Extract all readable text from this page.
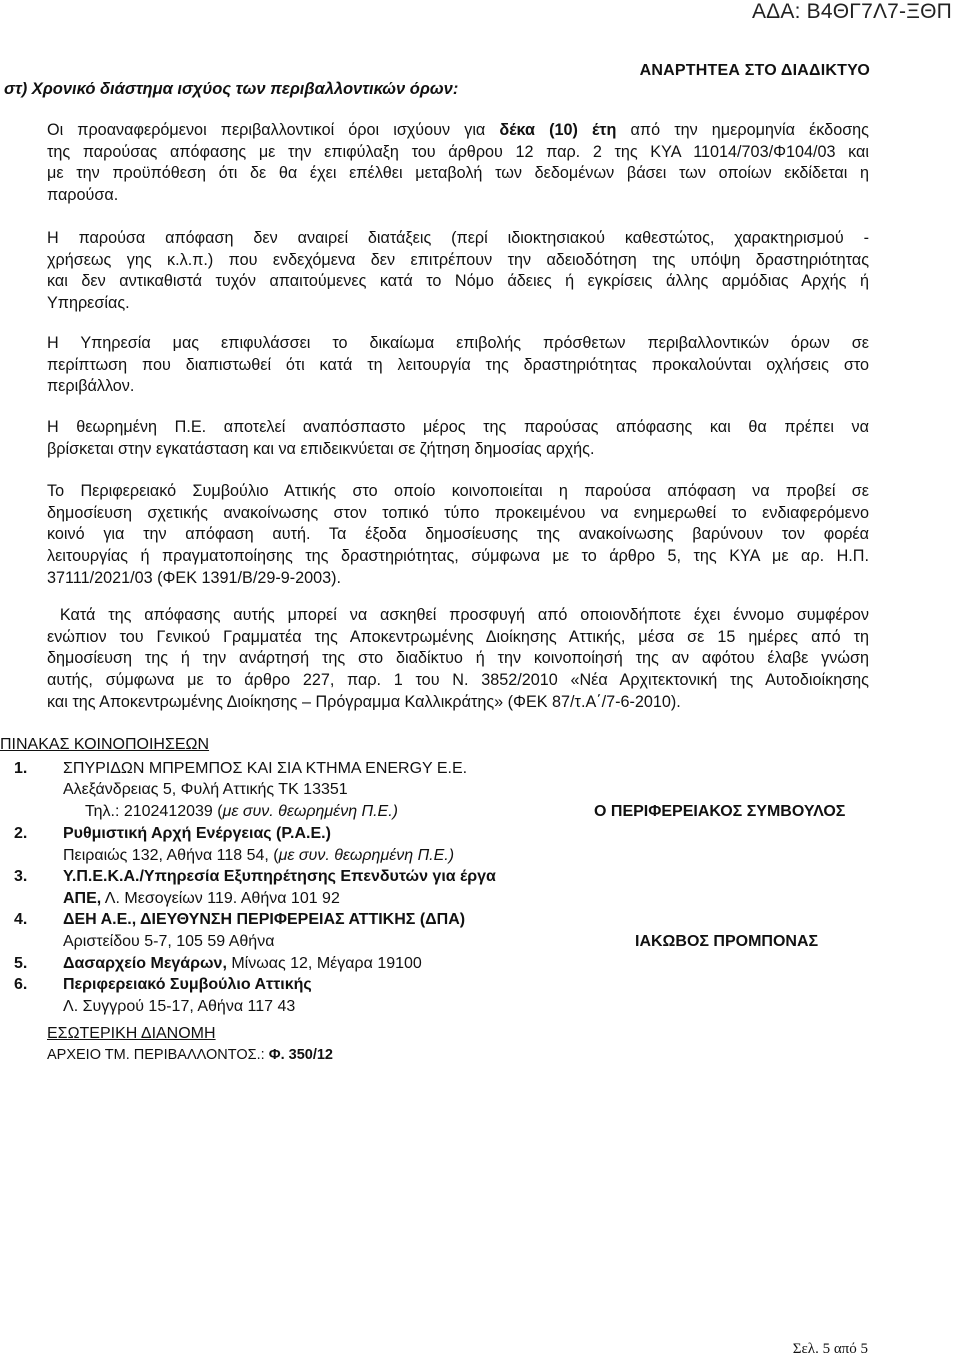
ΑΔΑ: Β4ΘΓ7Λ7-ΞΘΠ
ΑΝΑΡΤΗΤΕΑ ΣΤΟ ΔΙΑΔΙΚΤΥΟ
στ) Χρονικό διάστημα ισχύος των περιβαλλοντικών όρων:
Οι προαναφερόμενοι περιβαλλοντικοί όροι ισχύουν για δέκα (10) έτη από την ημερομηνία έκδοσης
της παρούσας απόφασης με την επιφύλαξη του άρθρου 12 παρ. 2 της ΚΥΑ 11014/703/Φ104/03 και
με την προϋπόθεση ότι δε θα έχει επέλθει μεταβολή των δεδομένων βάσει των οποίων εκδίδεται η
παρούσα.
Η παρούσα απόφαση δεν αναιρεί διατάξεις (περί ιδιοκτησιακού καθεστώτος, χαρακτηρισμού -
χρήσεως γης κ.λ.π.) που ενδεχόμενα δεν επιτρέπουν την αδειοδότηση της υπόψη δραστηριότητας
και δεν αντικαθιστά τυχόν απαιτούμενες κατά το Νόμο άδειες ή εγκρίσεις άλλης αρμόδιας Αρχής ή
Υπηρεσίας.
Η Υπηρεσία μας επιφυλάσσει το δικαίωμα επιβολής πρόσθετων περιβαλλοντικών όρων σε
περίπτωση που διαπιστωθεί ότι κατά τη λειτουργία της δραστηριότητας προκαλούνται οχλήσεις στο
περιβάλλον.
Η θεωρημένη Π.Ε. αποτελεί αναπόσπαστο μέρος της παρούσας απόφασης και θα πρέπει να
βρίσκεται στην εγκατάσταση και να επιδεικνύεται σε ζήτηση δημοσίας αρχής.
Το Περιφερειακό Συμβούλιο Αττικής στο οποίο κοινοποιείται η παρούσα απόφαση να προβεί σε
δημοσίευση σχετικής ανακοίνωσης στον τοπικό τύπο προκειμένου να ενημερωθεί το ενδιαφερόμενο
κοινό για την απόφαση αυτή. Τα έξοδα δημοσίευσης της ανακοίνωσης βαρύνουν τον φορέα
λειτουργίας ή πραγματοποίησης της δραστηριότητας, σύμφωνα με το άρθρο 5, της ΚΥΑ με αρ. Η.Π.
37111/2021/03 (ΦΕΚ 1391/Β/29-9-2003).
Κατά της απόφασης αυτής μπορεί να ασκηθεί προσφυγή από οποιονδήποτε έχει έννομο συμφέρον
ενώπιον του Γενικού Γραμματέα της Αποκεντρωμένης Διοίκησης Αττικής, μέσα σε 15 ημέρες από τη
δημοσίευση της ή την ανάρτησή της στο διαδίκτυο ή την κοινοποίησή της αν αφότου έλαβε γνώση
αυτής, σύμφωνα με το άρθρο 227, παρ. 1 του Ν. 3852/2010 «Νέα Αρχιτεκτονική της Αυτοδιοίκησης
και της Αποκεντρωμένης Διοίκησης – Πρόγραμμα Καλλικράτης» (ΦΕΚ 87/τ.Α΄/7-6-2010).
ΠΙΝΑΚΑΣ ΚΟΙΝΟΠΟΙΗΣΕΩΝ
1. ΣΠΥΡΙΔΩΝ ΜΠΡΕΜΠΟΣ ΚΑΙ ΣΙΑ ΚΤΗΜΑ ENERGY Ε.Ε.
Αλεξάνδρειας 5, Φυλή Αττικής ΤΚ 13351
Τηλ.: 2102412039 (με συν. θεωρημένη Π.Ε.)
2. Ρυθμιστική Αρχή Ενέργειας (Ρ.Α.Ε.)
Πειραιώς 132, Αθήνα 118 54, (με συν. θεωρημένη Π.Ε.)
3. Υ.Π.Ε.Κ.Α./Υπηρεσία Εξυπηρέτησης Επενδυτών για έργα
ΑΠΕ, Λ. Μεσογείων 119. Αθήνα 101 92
4. ΔΕΗ Α.Ε., ΔΙΕΥΘΥΝΣΗ ΠΕΡΙΦΕΡΕΙΑΣ ΑΤΤΙΚΗΣ (ΔΠΑ)
Αριστείδου 5-7, 105 59 Αθήνα
5. Δασαρχείο Μεγάρων, Μίνωας 12, Μέγαρα 19100
6. Περιφερειακό Συμβούλιο Αττικής
Λ. Συγγρού 15-17, Αθήνα 117 43
Ο ΠΕΡΙΦΕΡΕΙΑΚΟΣ ΣΥΜΒΟΥΛΟΣ
ΙΑΚΩΒΟΣ ΠΡΟΜΠΟΝΑΣ
ΕΣΩΤΕΡΙΚΗ ΔΙΑΝΟΜΗ
ΑΡΧΕΙΟ ΤΜ. ΠΕΡΙΒΑΛΛΟΝΤΟΣ.: Φ. 350/12
Σελ. 5 από 5
